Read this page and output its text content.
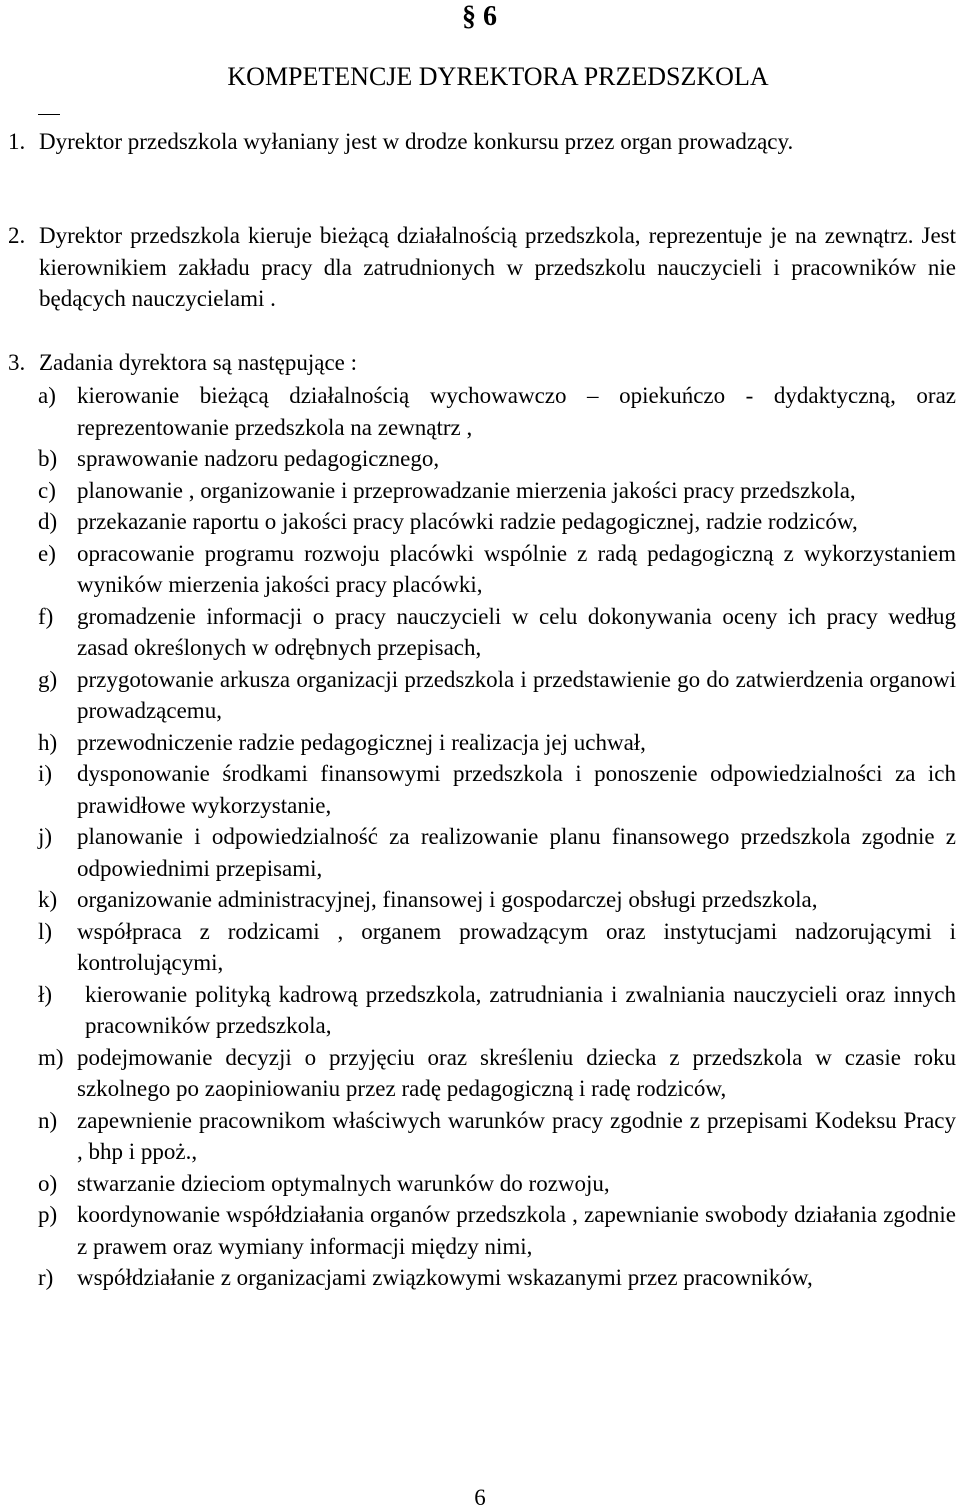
§ 6
KOMPETENCJE DYREKTORA PRZEDSZKOLA
1. Dyrektor przedszkola wyłaniany jest w drodze konkursu przez organ prowadzący.
2. Dyrektor przedszkola kieruje bieżącą działalnością przedszkola, reprezentuje je na zewnątrz. Jest kierownikiem zakładu pracy dla zatrudnionych w przedszkolu nauczycieli i pracowników nie będących nauczycielami .
3. Zadania dyrektora są następujące :
a) kierowanie bieżącą działalnością wychowawczo – opiekuńczo - dydaktyczną, oraz reprezentowanie przedszkola na zewnątrz ,
b) sprawowanie nadzoru pedagogicznego,
c) planowanie , organizowanie i przeprowadzanie mierzenia jakości pracy przedszkola,
d) przekazanie raportu o jakości pracy placówki radzie pedagogicznej, radzie rodziców,
e) opracowanie programu rozwoju placówki wspólnie z radą pedagogiczną z wykorzystaniem wyników mierzenia jakości pracy placówki,
f) gromadzenie informacji o pracy nauczycieli w celu dokonywania oceny ich pracy według zasad określonych w odrębnych przepisach,
g) przygotowanie arkusza organizacji przedszkola i przedstawienie go do zatwierdzenia organowi prowadzącemu,
h) przewodniczenie radzie pedagogicznej i realizacja jej uchwał,
i) dysponowanie środkami finansowymi przedszkola i ponoszenie odpowiedzialności za ich prawidłowe wykorzystanie,
j) planowanie i odpowiedzialność za realizowanie planu finansowego przedszkola zgodnie z odpowiednimi przepisami,
k) organizowanie administracyjnej, finansowej i gospodarczej obsługi przedszkola,
l) współpraca z rodzicami , organem prowadzącym oraz instytucjami nadzorującymi i kontrolującymi,
ł) kierowanie polityką kadrową przedszkola, zatrudniania i zwalniania nauczycieli oraz innych pracowników przedszkola,
m) podejmowanie decyzji o przyjęciu oraz skreśleniu dziecka z przedszkola w czasie roku szkolnego po zaopiniowaniu przez radę pedagogiczną i radę rodziców,
n) zapewnienie pracownikom właściwych warunków pracy zgodnie z przepisami Kodeksu Pracy , bhp i ppoż.,
o) stwarzanie dzieciom optymalnych warunków do rozwoju,
p) koordynowanie współdziałania organów przedszkola , zapewnianie swobody działania zgodnie z prawem oraz wymiany informacji między nimi,
r) współdziałanie z organizacjami związkowymi wskazanymi przez pracowników,
6
